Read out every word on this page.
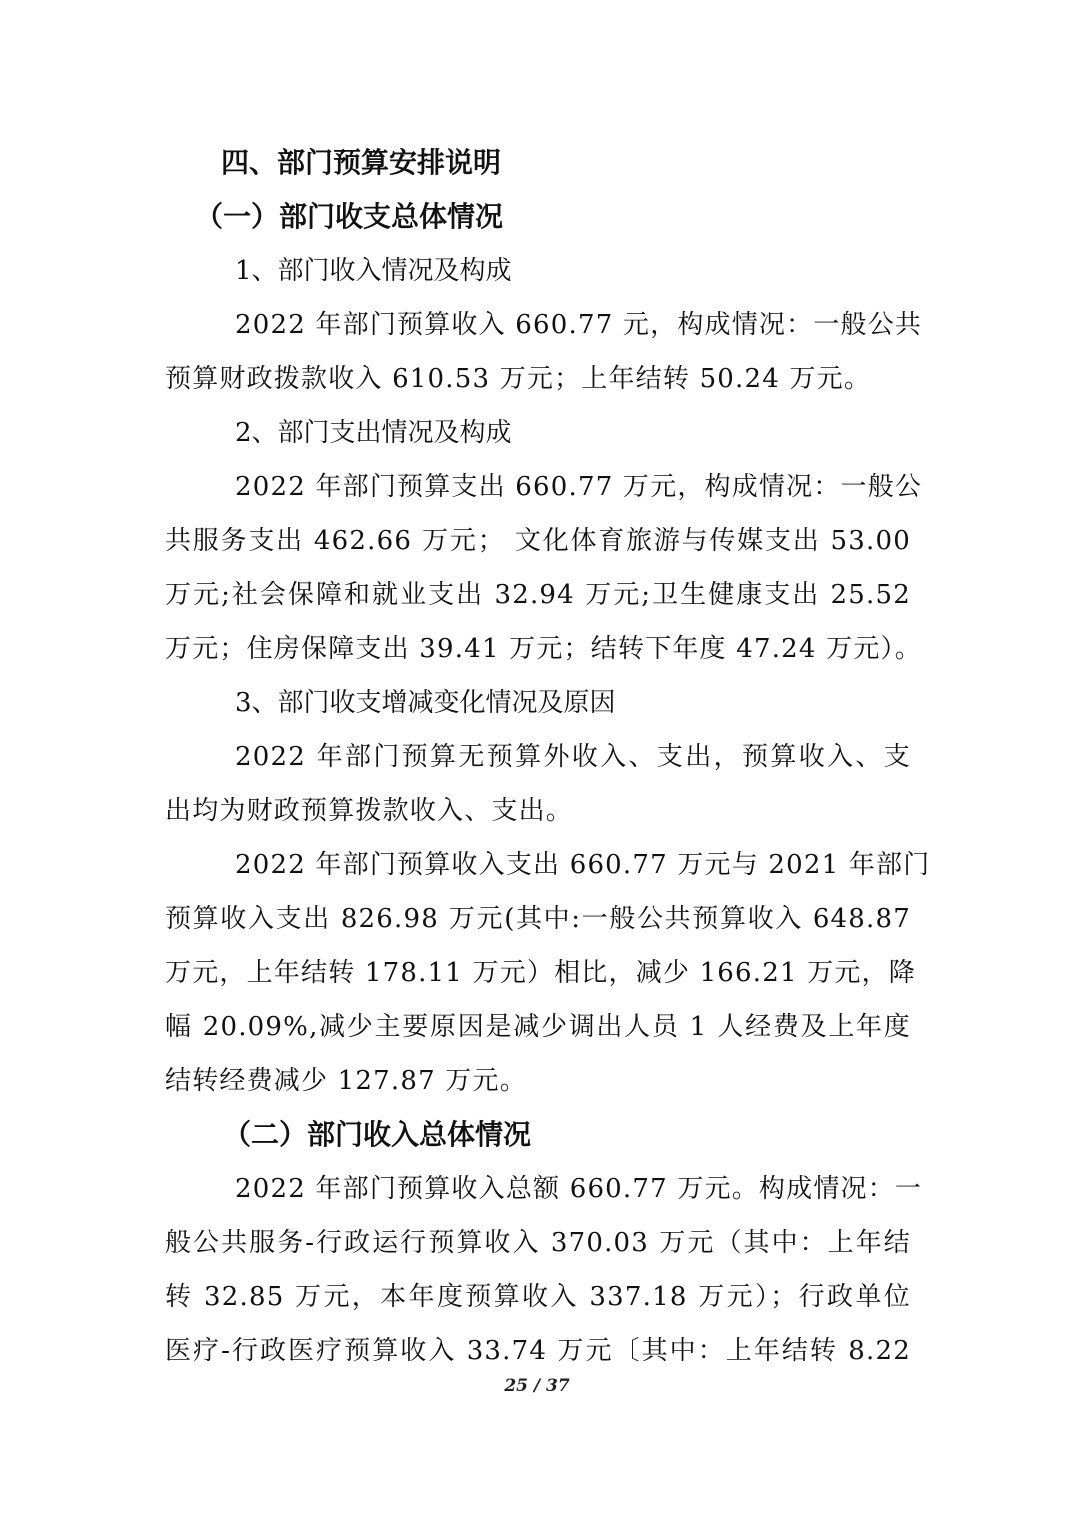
四、部门预算安排说明
（一）部门收支总体情况
1、部门收入情况及构成
2022 年部门预算收入 660.77 元，构成情况：一般公共
预算财政拨款收入 610.53 万元；上年结转 50.24 万元。
2、部门支出情况及构成
2022 年部门预算支出 660.77 万元，构成情况：一般公
共服务支出 462.66 万元； 文化体育旅游与传媒支出 53.00
万元;社会保障和就业支出 32.94 万元;卫生健康支出 25.52
万元；住房保障支出 39.41 万元；结转下年度 47.24 万元）。
3、部门收支增减变化情况及原因
2022 年部门预算无预算外收入、支出，预算收入、支
出均为财政预算拨款收入、支出。
2022 年部门预算收入支出 660.77 万元与 2021 年部门
预算收入支出 826.98 万元(其中:一般公共预算收入 648.87
万元，上年结转 178.11 万元）相比，减少 166.21 万元，降
幅 20.09%,减少主要原因是减少调出人员 1 人经费及上年度
结转经费减少 127.87 万元。
（二）部门收入总体情况
2022 年部门预算收入总额 660.77 万元。构成情况：一
般公共服务-行政运行预算收入 370.03 万元（其中：上年结
转 32.85 万元，本年度预算收入 337.18 万元）；行政单位
医疗-行政医疗预算收入 33.74 万元〔其中：上年结转 8.22
25 / 37
